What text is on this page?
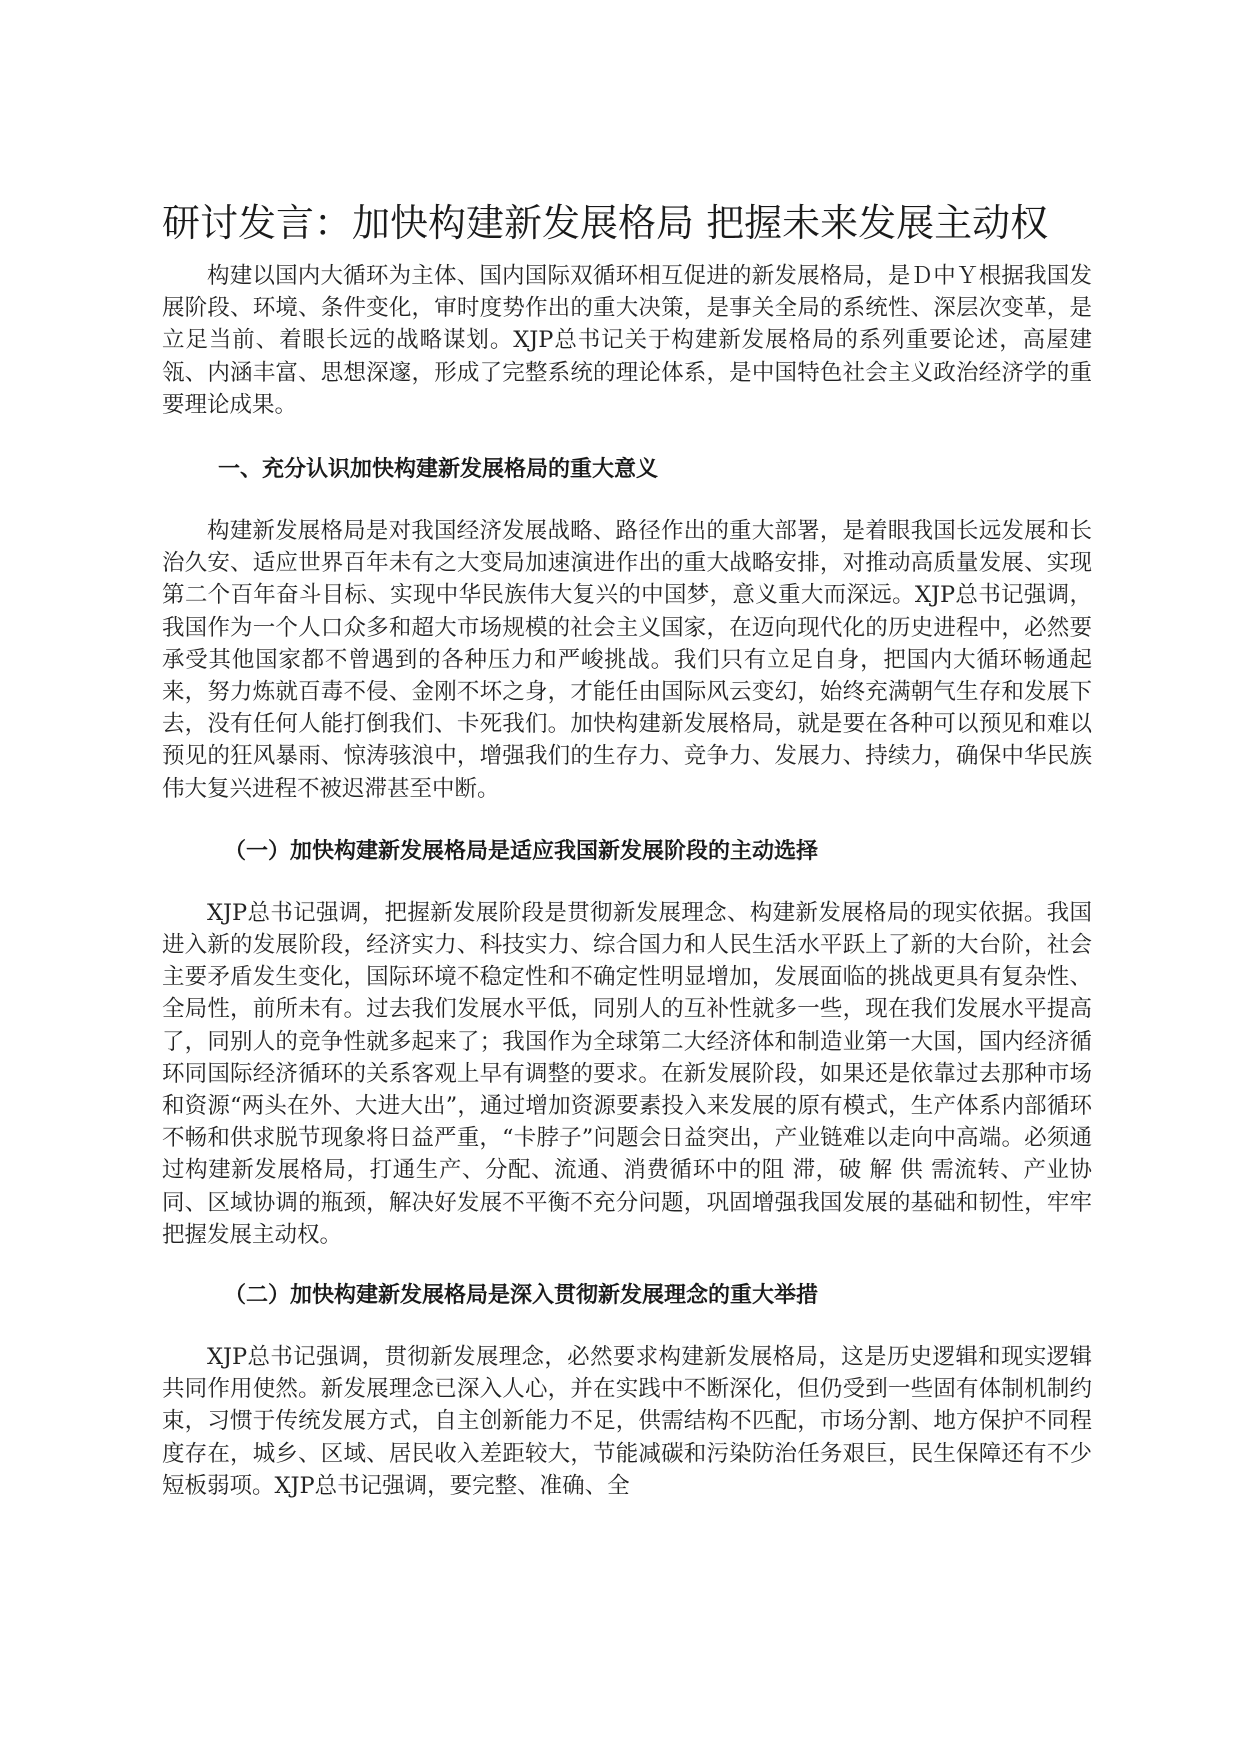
研讨发言：加快构建新发展格局 把握未来发展主动权

构建以国内大循环为主体、国内国际双循环相互促进的新发展格局，是Ｄ中Ｙ根据我国发展阶段、环境、条件变化，审时度势作出的重大决策，是事关全局的系统性、深层次变革，是立足当前、着眼长远的战略谋划。XJP总书记关于构建新发展格局的系列重要论述，高屋建瓴、内涵丰富、思想深邃，形成了完整系统的理论体系，是中国特色社会主义政治经济学的重要理论成果。

一、充分认识加快构建新发展格局的重大意义

构建新发展格局是对我国经济发展战略、路径作出的重大部署，是着眼我国长远发展和长治久安、适应世界百年未有之大变局加速演进作出的重大战略安排，对推动高质量发展、实现第二个百年奋斗目标、实现中华民族伟大复兴的中国梦，意义重大而深远。XJP总书记强调，我国作为一个人口众多和超大市场规模的社会主义国家，在迈向现代化的历史进程中，必然要承受其他国家都不曾遇到的各种压力和严峻挑战。我们只有立足自身，把国内大循环畅通起来，努力炼就百毒不侵、金刚不坏之身，才能任由国际风云变幻，始终充满朝气生存和发展下去，没有任何人能打倒我们、卡死我们。加快构建新发展格局，就是要在各种可以预见和难以预见的狂风暴雨、惊涛骇浪中，增强我们的生存力、竞争力、发展力、持续力，确保中华民族伟大复兴进程不被迟滞甚至中断。

（一）加快构建新发展格局是适应我国新发展阶段的主动选择

XJP总书记强调，把握新发展阶段是贯彻新发展理念、构建新发展格局的现实依据。我国进入新的发展阶段，经济实力、科技实力、综合国力和人民生活水平跃上了新的大台阶，社会主要矛盾发生变化，国际环境不稳定性和不确定性明显增加，发展面临的挑战更具有复杂性、全局性，前所未有。过去我们发展水平低，同别人的互补性就多一些，现在我们发展水平提高了，同别人的竞争性就多起来了；我国作为全球第二大经济体和制造业第一大国，国内经济循环同国际经济循环的关系客观上早有调整的要求。在新发展阶段，如果还是依靠过去那种市场和资源“两头在外、大进大出”，通过增加资源要素投入来发展的原有模式，生产体系内部循环不畅和供求脱节现象将日益严重，“卡脖子”问题会日益突出，产业链难以走向中高端。必须通过构建新发展格局，打通生产、分配、流通、消费循环中的阻 滞，破 解 供 需流转、产业协同、区域协调的瓶颈，解决好发展不平衡不充分问题，巩固增强我国发展的基础和韧性，牢牢把握发展主动权。

（二）加快构建新发展格局是深入贯彻新发展理念的重大举措

XJP总书记强调，贯彻新发展理念，必然要求构建新发展格局，这是历史逻辑和现实逻辑共同作用使然。新发展理念已深入人心，并在实践中不断深化，但仍受到一些固有体制机制约束，习惯于传统发展方式，自主创新能力不足，供需结构不匹配，市场分割、地方保护不同程度存在，城乡、区域、居民收入差距较大，节能减碳和污染防治任务艰巨，民生保障还有不少短板弱项。XJP总书记强调，要完整、准确、全
